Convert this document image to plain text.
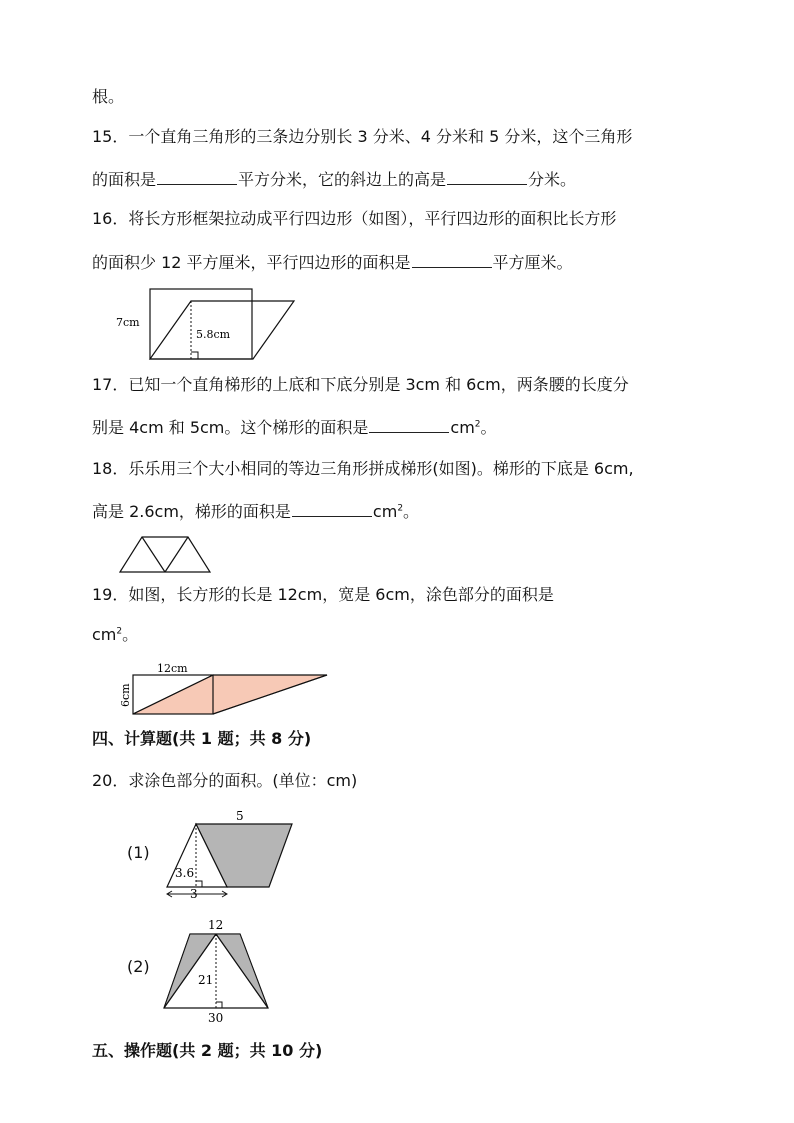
根。
15．一个直角三角形的三条边分别长 3 分米、4 分米和 5 分米，这个三角形
的面积是	平方分米，它的斜边上的高是	分米。
16．将长方形框架拉动成平行四边形（如图），平行四边形的面积比长方形
的面积少 12 平方厘米，平行四边形的面积是	平方厘米。
7cm
5.8cm
17．已知一个直角梯形的上底和下底分别是 3cm 和 6cm，两条腰的长度分
别是 4cm 和 5cm。这个梯形的面积是	$cm^2$。
18．乐乐用三个大小相同的等边三角形拼成梯形(如图)。梯形的下底是 6cm,
高是 2.6cm，梯形的面积是	$cm^2$。
19．如图，长方形的长是 12cm，宽是 6cm，涂色部分的面积是
$cm^2$。
12cm
6cm
四、计算题(共 1 题；共 8 分)
20．求涂色部分的面积。(单位：cm)
(1)
5
3.6
3
(2)
12
21
30
五、操作题(共 2 题；共 10 分)
